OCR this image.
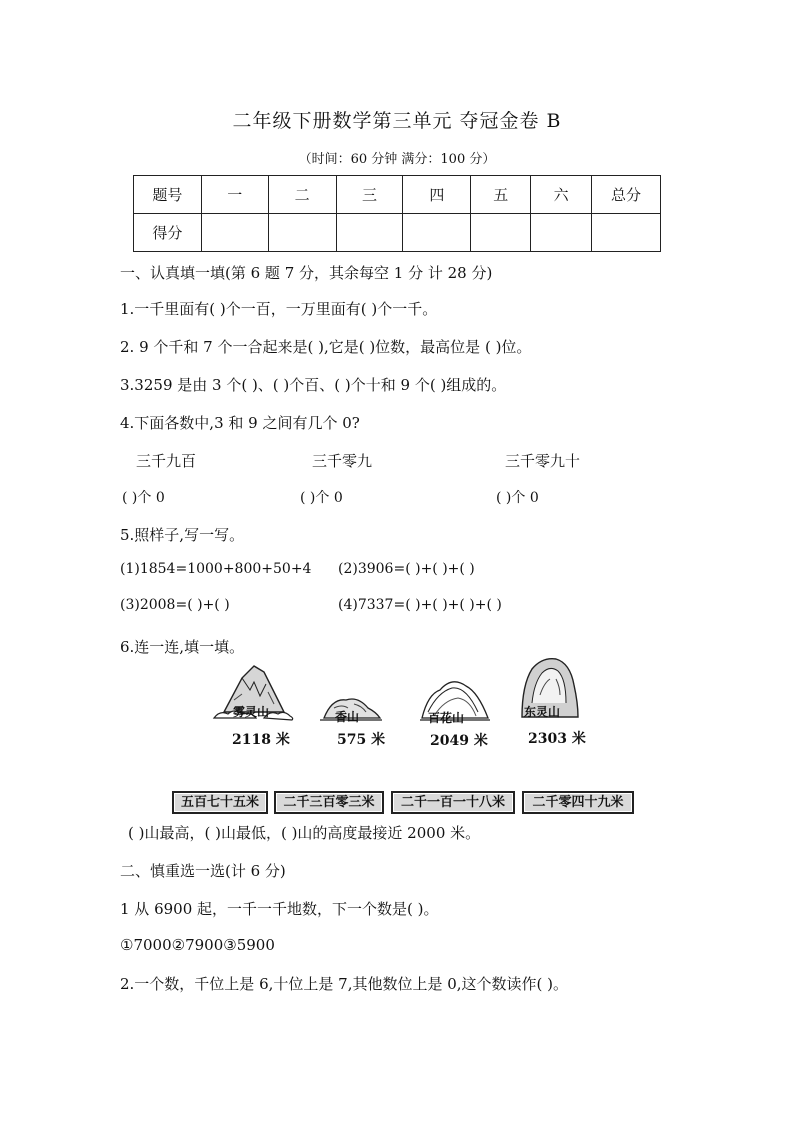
二年级下册数学第三单元 夺冠金卷 B
（时间：60 分钟 满分：100 分）
题号	一	二	三	四	五	六	总分
得分							
一、认真填一填(第 6 题 7 分，其余每空 1 分 计 28 分)
1.一千里面有( )个一百，一万里面有( )个一千。
2. 9 个千和 7 个一合起来是( ),它是( )位数，最高位是 ( )位。
3.3259 是由 3 个( )、( )个百、( )个十和 9 个( )组成的。
4.下面各数中,3 和 9 之间有几个 0?
三千九百	三千零九	三千零九十
( )个 0	( )个 0	( )个 0
5.照样子,写一写。
(1)1854=1000+800+50+4 (2)3906=( )+( )+( )
(3)2008=( )+( )	(4)7337=( )+( )+( )+( )
6.连一连,填一填。
雾灵山
2118 米
香山
575 米
百花山
2049 米
东灵山
2303 米
五百七十五米	二千三百零三米	二千一百一十八米	二千零四十九米
( )山最高，( )山最低，( )山的高度最接近 2000 米。
二、慎重选一选(计 6 分)
1 从 6900 起，一千一千地数，下一个数是( )。
①7000②7900③5900
2.一个数，千位上是 6,十位上是 7,其他数位上是 0,这个数读作( )。
